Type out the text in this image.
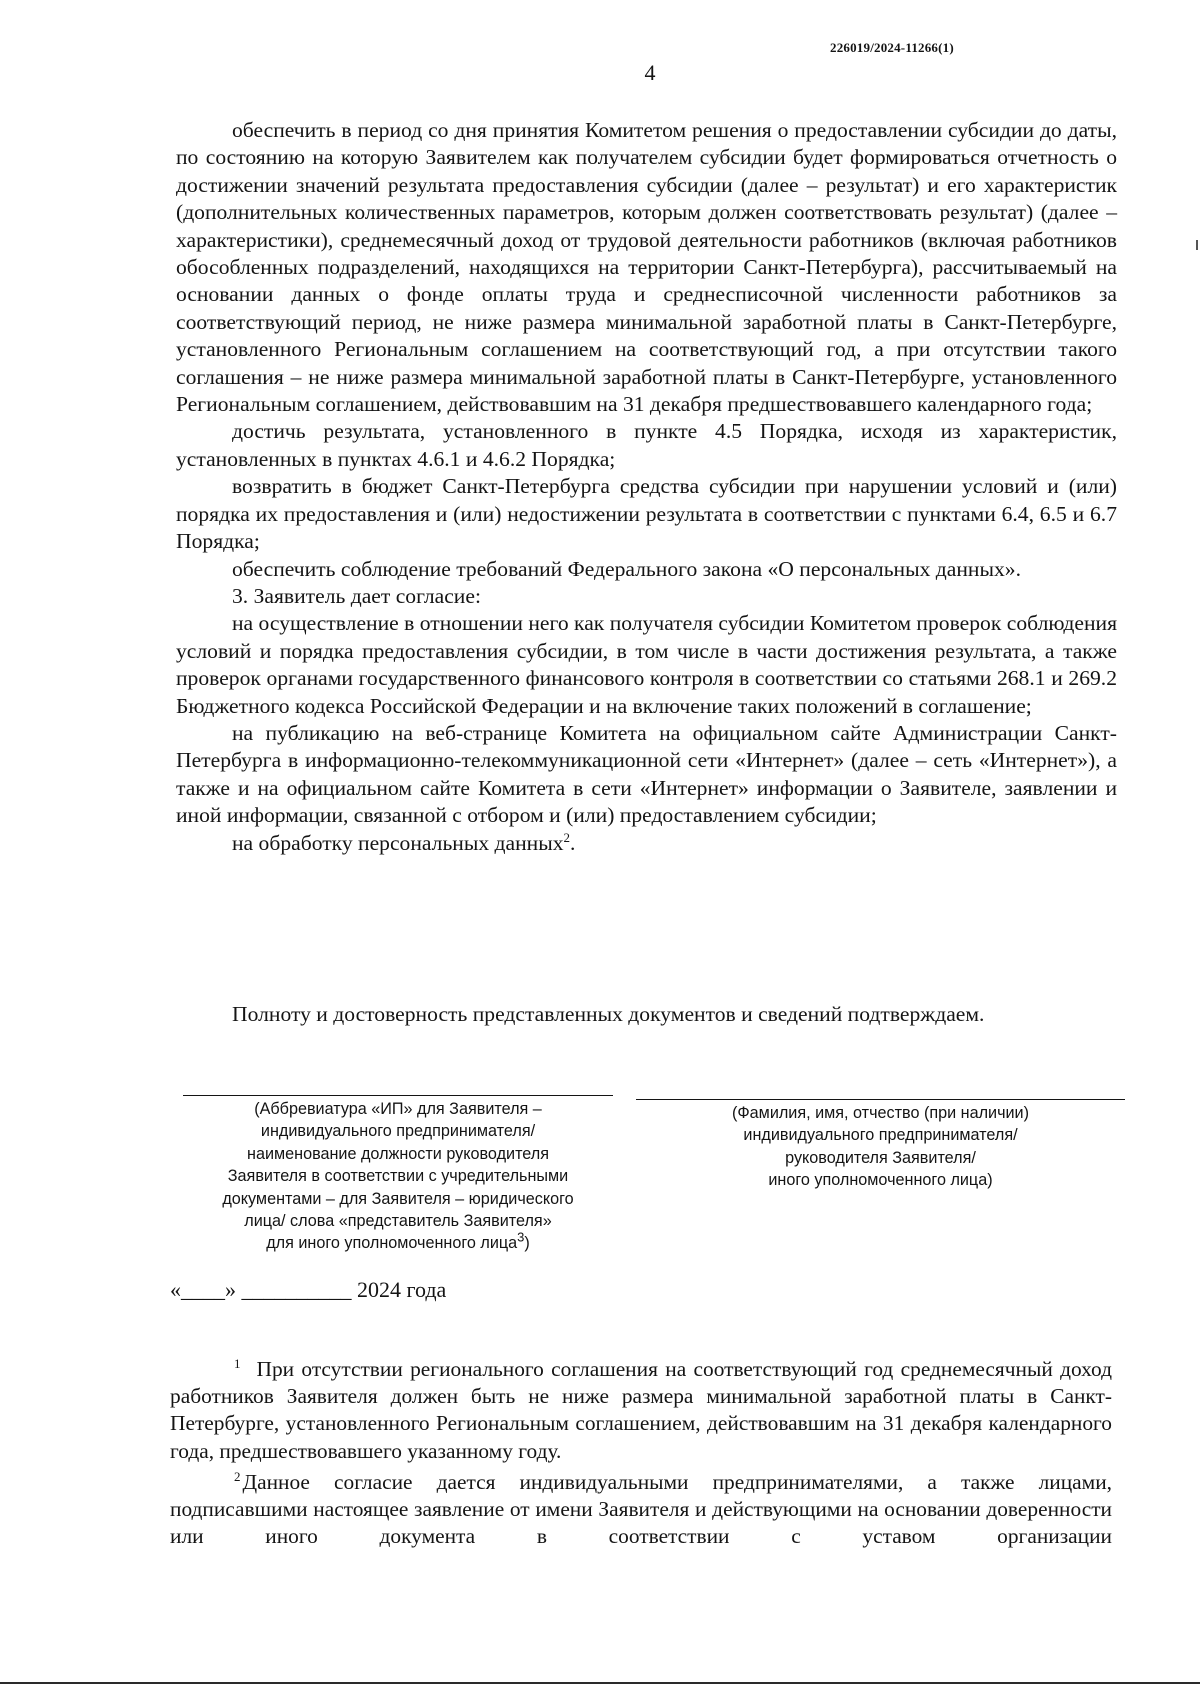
226019/2024-11266(1)
4

обеспечить в период со дня принятия Комитетом решения о предоставлении субсидии до даты, по состоянию на которую Заявителем как получателем субсидии будет формироваться отчетность о достижении значений результата предоставления субсидии (далее – результат) и его характеристик (дополнительных количественных параметров, которым должен соответствовать результат) (далее – характеристики), среднемесячный доход от трудовой деятельности работников (включая работников обособленных подразделений, находящихся на территории Санкт-Петербурга), рассчитываемый на основании данных о фонде оплаты труда и среднесписочной численности работников за соответствующий период, не ниже размера минимальной заработной платы в Санкт-Петербурге, установленного Региональным соглашением на соответствующий год, а при отсутствии такого соглашения – не ниже размера минимальной заработной платы в Санкт-Петербурге, установленного Региональным соглашением, действовавшим на 31 декабря предшествовавшего календарного года;

достичь результата, установленного в пункте 4.5 Порядка, исходя из характеристик, установленных в пунктах 4.6.1 и 4.6.2 Порядка;

возвратить в бюджет Санкт-Петербурга средства субсидии при нарушении условий и (или) порядка их предоставления и (или) недостижении результата в соответствии с пунктами 6.4, 6.5 и 6.7 Порядка;

обеспечить соблюдение требований Федерального закона «О персональных данных».

3. Заявитель дает согласие:

на осуществление в отношении него как получателя субсидии Комитетом проверок соблюдения условий и порядка предоставления субсидии, в том числе в части достижения результата, а также проверок органами государственного финансового контроля в соответствии со статьями 268.1 и 269.2 Бюджетного кодекса Российской Федерации и на включение таких положений в соглашение;

на публикацию на веб-странице Комитета на официальном сайте Администрации Санкт-Петербурга в информационно-телекоммуникационной сети «Интернет» (далее – сеть «Интернет»), а также и на официальном сайте Комитета в сети «Интернет» информации о Заявителе, заявлении и иной информации, связанной с отбором и (или) предоставлением субсидии;

на обработку персональных данных$^2$.

Полноту и достоверность представленных документов и сведений подтверждаем.
(Аббревиатура «ИП» для Заявителя –
индивидуального предпринимателя/
наименование должности руководителя
Заявителя в соответствии с учредительными
документами – для Заявителя – юридического
лица/ слова «представитель Заявителя»
для иного уполномоченного лица$^3$)
(Фамилия, имя, отчество (при наличии)
индивидуального предпринимателя/
руководителя Заявителя/
иного уполномоченного лица)
«____» __________ 2024 года

$^1$ При отсутствии регионального соглашения на соответствующий год среднемесячный доход работников Заявителя должен быть не ниже размера минимальной заработной платы в Санкт-Петербурге, установленного Региональным соглашением, действовавшим на 31 декабря календарного года, предшествовавшего указанному году.

$^2$Данное согласие дается индивидуальными предпринимателями, а также лицами, подписавшими настоящее заявление от имени Заявителя и действующими на основании доверенности или иного документа в соответствии с уставом организации
